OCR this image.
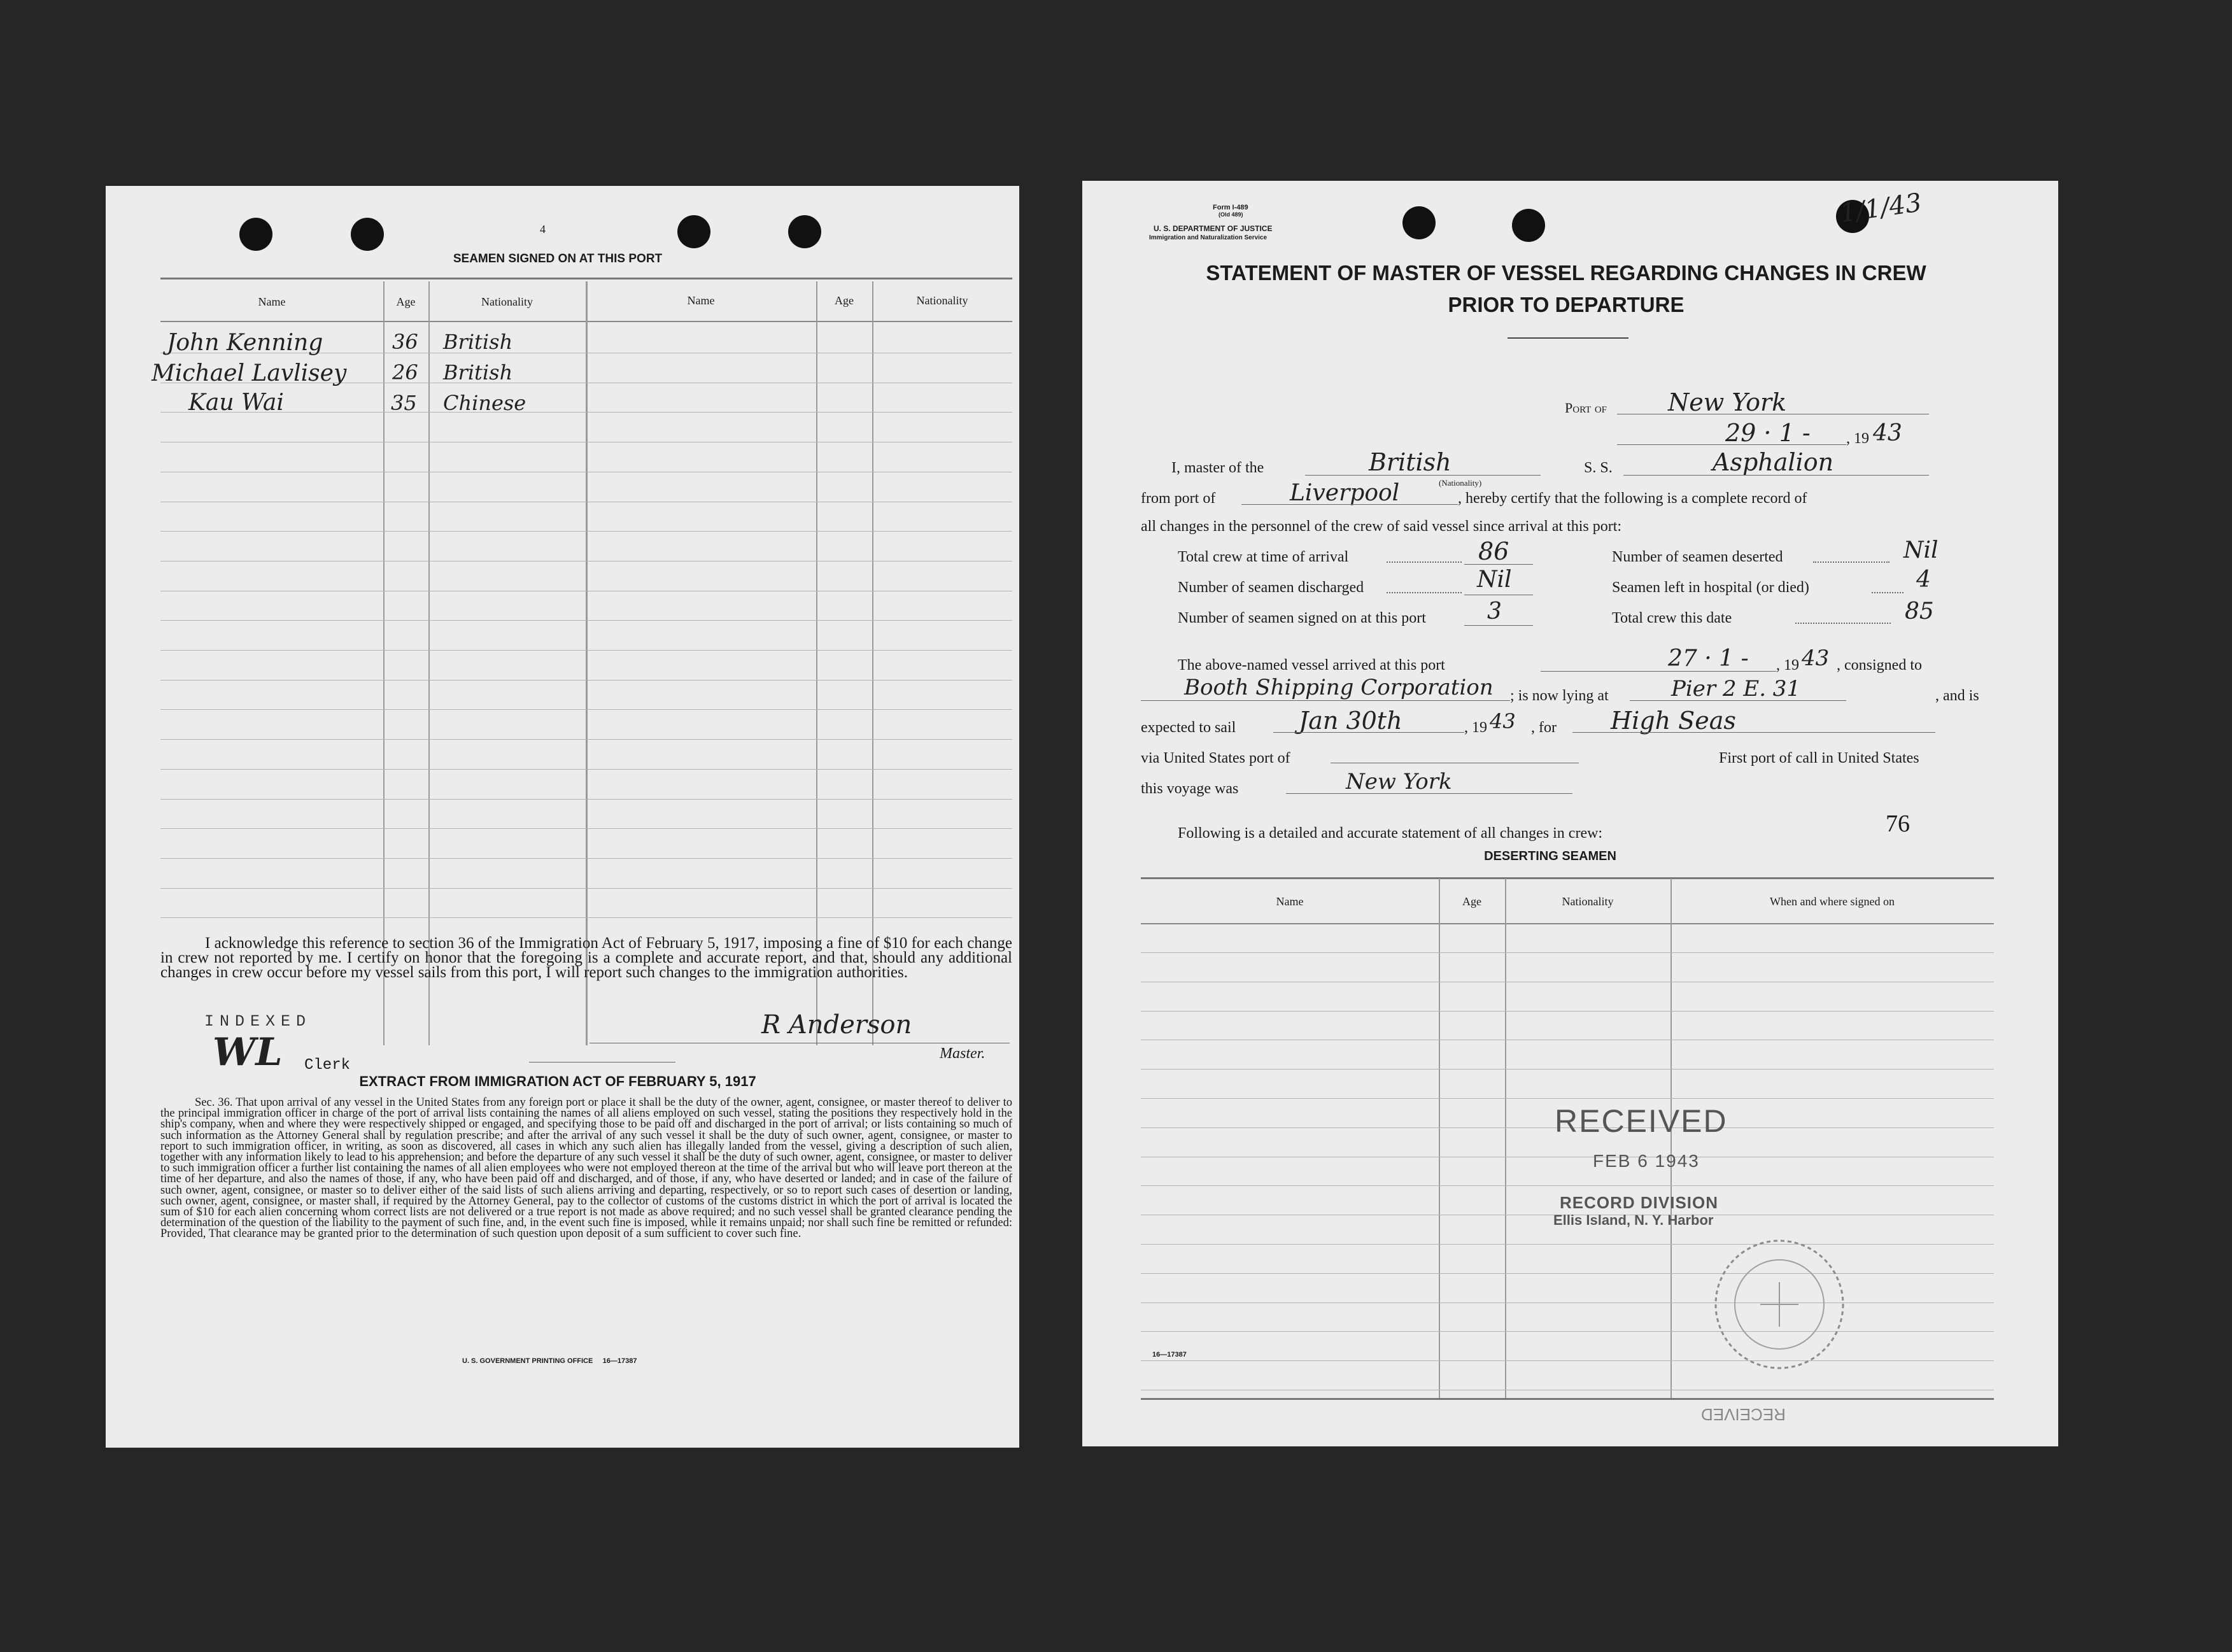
4
SEAMEN SIGNED ON AT THIS PORT
Name	Age	Nationality	Name	Age	Nationality
John Kenning	36 British
Michael Lavlisey 26 British
Kau Wai	35 Chinese
I acknowledge this reference to section 36 of the Immigration Act of February 5, 1917, imposing a fine of $10 for each change in crew not reported by me. I certify on honor that the foregoing is a complete and accurate report, and that, should any additional changes in crew occur before my vessel sails from this port, I will report such changes to the immigration authorities.
INDEXED
WL Clerk
R Anderson
Master.
EXTRACT FROM IMMIGRATION ACT OF FEBRUARY 5, 1917
Sec. 36. That upon arrival of any vessel in the United States from any foreign port or place it shall be the duty of the owner, agent, consignee, or master thereof to deliver to the principal immigration officer in charge of the port of arrival lists containing the names of all aliens employed on such vessel, stating the positions they respectively hold in the ship's company, when and where they were respectively shipped or engaged, and specifying those to be paid off and discharged in the port of arrival; or lists containing so much of such information as the Attorney General shall by regulation prescribe; and after the arrival of any such vessel it shall be the duty of such owner, agent, consignee, or master to report to such immigration officer, in writing, as soon as discovered, all cases in which any such alien has illegally landed from the vessel, giving a description of such alien, together with any information likely to lead to his apprehension; and before the departure of any such vessel it shall be the duty of such owner, agent, consignee, or master to deliver to such immigration officer a further list containing the names of all alien employees who were not employed thereon at the time of the arrival but who will leave port thereon at the time of her departure, and also the names of those, if any, who have been paid off and discharged, and of those, if any, who have deserted or landed; and in case of the failure of such owner, agent, consignee, or master so to deliver either of the said lists of such aliens arriving and departing, respectively, or so to report such cases of desertion or landing, such owner, agent, consignee, or master shall, if required by the Attorney General, pay to the collector of customs of the customs district in which the port of arrival is located the sum of $10 for each alien concerning whom correct lists are not delivered or a true report is not made as above required; and no such vessel shall be granted clearance pending the determination of the question of the liability to the payment of such fine, and, in the event such fine is imposed, while it remains unpaid; nor shall such fine be remitted or refunded: Provided, That clearance may be granted prior to the determination of such question upon deposit of a sum sufficient to cover such fine.
U. S. GOVERNMENT PRINTING OFFICE     16—17387
Form I-489
(Old 489)
U. S. DEPARTMENT OF JUSTICE
Immigration and Naturalization Service
1/1/43
STATEMENT OF MASTER OF VESSEL REGARDING CHANGES IN CREW
PRIOR TO DEPARTURE
Port of	New York
29 · 1 - , 19 43
I, master of the	British
(Nationality)
S. S.	Asphalion
from port of	Liverpool	, hereby certify that the following is a complete record of
all changes in the personnel of the crew of said vessel since arrival at this port:
Total crew at time of arrival	86	Number of seamen deserted	Nil
Number of seamen discharged	Nil	Seamen left in hospital (or died)	4
Number of seamen signed on at this port	3	Total crew this date	85
The above-named vessel arrived at this port	27 · 1 - , 19 43 , consigned to
Booth Shipping Corporation ; is now lying at	Pier 2 E. 31	, and is
expected to sail	Jan 30th	, 19 43 , for High Seas
via United States port of	First port of call in United States
this voyage was	New York
Following is a detailed and accurate statement of all changes in crew:	76
DESERTING SEAMEN
Name	Age	Nationality	When and where signed on
RECEIVED
FEB 6 1943
RECORD DIVISION
Ellis Island, N. Y. Harbor
16—17387
RECEIVED
